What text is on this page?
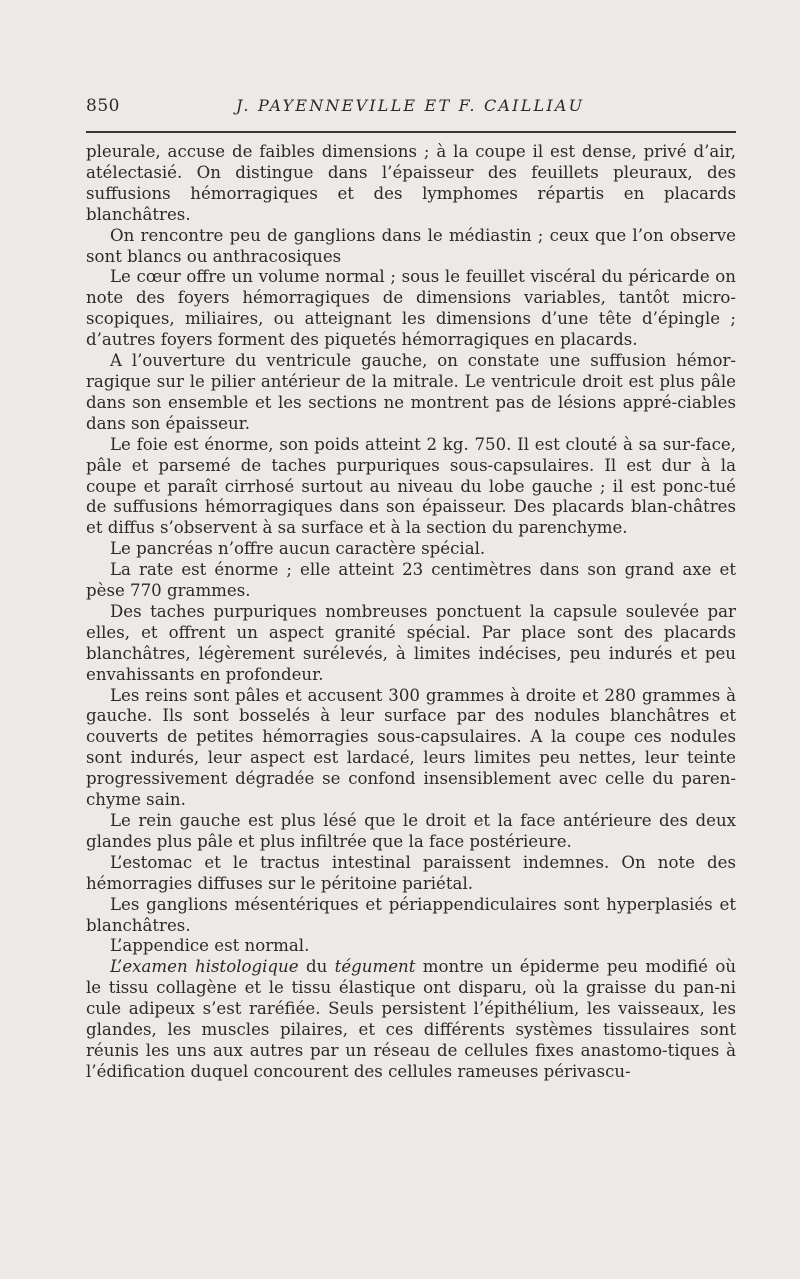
850	J. PAYENNEVILLE ET F. CAILLIAU

pleurale, accuse de faibles dimensions ; à la coupe il est dense, privé d’air, atélectasié. On distingue dans l’épaisseur des feuillets pleuraux, des suffusions hémorragiques et des lymphomes répartis en placards blanchâtres.

On rencontre peu de ganglions dans le médiastin ; ceux que l’on observe sont blancs ou anthracosiques

Le cœur offre un volume normal ; sous le feuillet viscéral du péricarde on note des foyers hémorragiques de dimensions variables, tantôt micro-scopiques, miliaires, ou atteignant les dimensions d’une tête d’épingle ; d’autres foyers forment des piquetés hémorragiques en placards.

A l’ouverture du ventricule gauche, on constate une suffusion hémor-ragique sur le pilier antérieur de la mitrale. Le ventricule droit est plus pâle dans son ensemble et les sections ne montrent pas de lésions appré-ciables dans son épaisseur.

Le foie est énorme, son poids atteint 2 kg. 750. Il est clouté à sa sur-face, pâle et parsemé de taches purpuriques sous-capsulaires. Il est dur à la coupe et paraît cirrhosé surtout au niveau du lobe gauche ; il est ponc-tué de suffusions hémorragiques dans son épaisseur. Des placards blan-châtres et diffus s’observent à sa surface et à la section du parenchyme.

Le pancréas n’offre aucun caractère spécial.

La rate est énorme ; elle atteint 23 centimètres dans son grand axe et pèse 770 grammes.

Des taches purpuriques nombreuses ponctuent la capsule soulevée par elles, et offrent un aspect granité spécial. Par place sont des placards blanchâtres, légèrement surélevés, à limites indécises, peu indurés et peu envahissants en profondeur.

Les reins sont pâles et accusent 300 grammes à droite et 280 grammes à gauche. Ils sont bosselés à leur surface par des nodules blanchâtres et couverts de petites hémorragies sous-capsulaires. A la coupe ces nodules sont indurés, leur aspect est lardacé, leurs limites peu nettes, leur teinte progressivement dégradée se confond insensiblement avec celle du paren-chyme sain.

Le rein gauche est plus lésé que le droit et la face antérieure des deux glandes plus pâle et plus infiltrée que la face postérieure.

L’estomac et le tractus intestinal paraissent indemnes. On note des hémorragies diffuses sur le péritoine pariétal.

Les ganglions mésentériques et périappendiculaires sont hyperplasiés et blanchâtres.

L’appendice est normal.

L’examen histologique du tégument montre un épiderme peu modifié où le tissu collagène et le tissu élastique ont disparu, où la graisse du pan-ni cule adipeux s’est raréfiée. Seuls persistent l’épithélium, les vaisseaux, les glandes, les muscles pilaires, et ces différents systèmes tissulaires sont réunis les uns aux autres par un réseau de cellules fixes anastomo-tiques à l’édification duquel concourent des cellules rameuses périvascu-
